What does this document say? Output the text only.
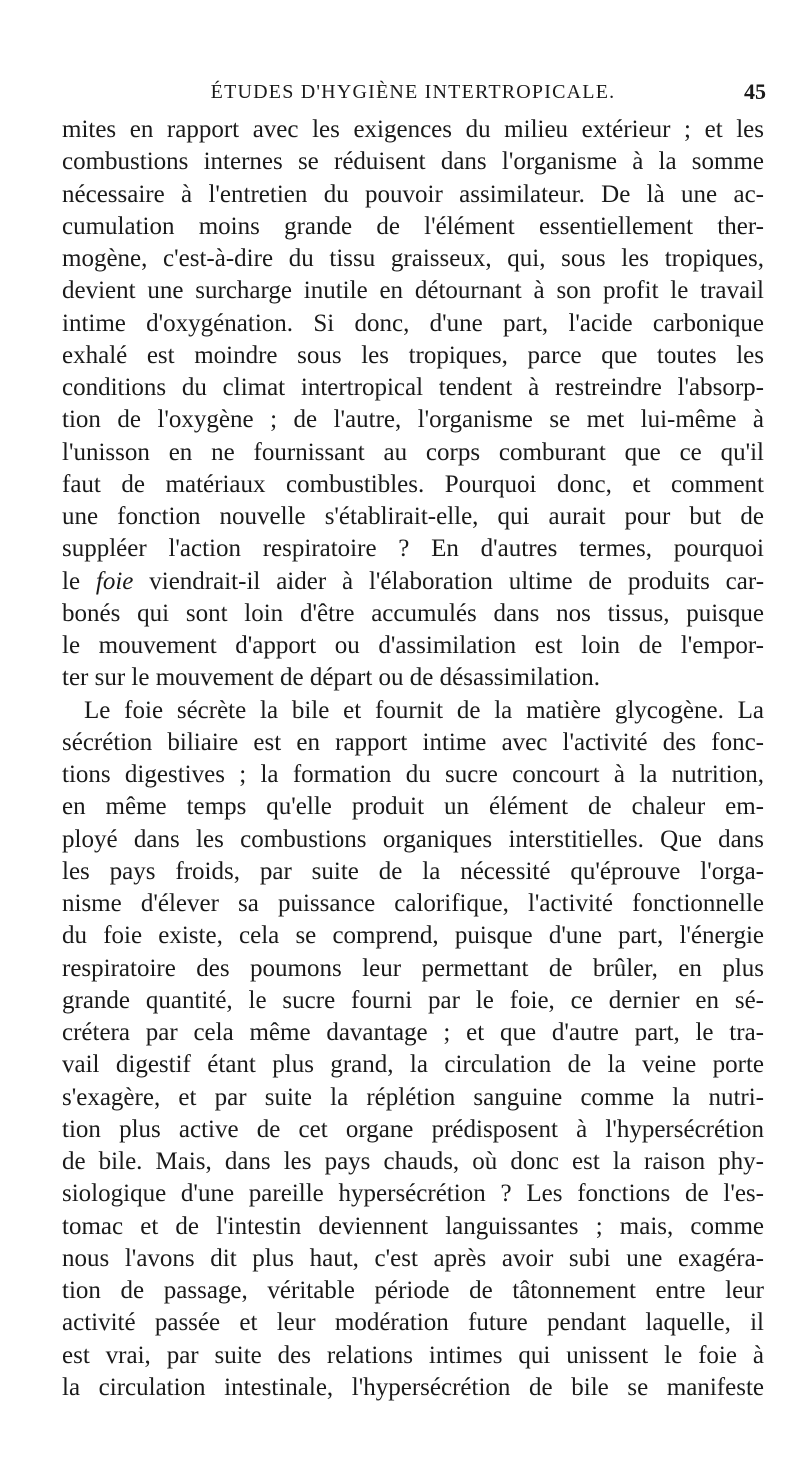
ÉTUDES D'HYGIÈNE INTERTROPICALE.	45
mites en rapport avec les exigences du milieu extérieur ; et les
combustions internes se réduisent dans l'organisme à la somme
nécessaire à l'entretien du pouvoir assimilateur. De là une ac-
cumulation moins grande de l'élément essentiellement ther-
mogène, c'est-à-dire du tissu graisseux, qui, sous les tropiques,
devient une surcharge inutile en détournant à son profit le travail
intime d'oxygénation. Si donc, d'une part, l'acide carbonique
exhalé est moindre sous les tropiques, parce que toutes les
conditions du climat intertropical tendent à restreindre l'absorp-
tion de l'oxygène ; de l'autre, l'organisme se met lui-même à
l'unisson en ne fournissant au corps comburant que ce qu'il
faut de matériaux combustibles. Pourquoi donc, et comment
une fonction nouvelle s'établirait-elle, qui aurait pour but de
suppléer l'action respiratoire ? En d'autres termes, pourquoi
le foie viendrait-il aider à l'élaboration ultime de produits car-
bonés qui sont loin d'être accumulés dans nos tissus, puisque
le mouvement d'apport ou d'assimilation est loin de l'empor-
ter sur le mouvement de départ ou de désassimilation.
Le foie sécrète la bile et fournit de la matière glycogène. La
sécrétion biliaire est en rapport intime avec l'activité des fonc-
tions digestives ; la formation du sucre concourt à la nutrition,
en même temps qu'elle produit un élément de chaleur em-
ployé dans les combustions organiques interstitielles. Que dans
les pays froids, par suite de la nécessité qu'éprouve l'orga-
nisme d'élever sa puissance calorifique, l'activité fonctionnelle
du foie existe, cela se comprend, puisque d'une part, l'énergie
respiratoire des poumons leur permettant de brûler, en plus
grande quantité, le sucre fourni par le foie, ce dernier en sé-
crétera par cela même davantage ; et que d'autre part, le tra-
vail digestif étant plus grand, la circulation de la veine porte
s'exagère, et par suite la réplétion sanguine comme la nutri-
tion plus active de cet organe prédisposent à l'hypersécrétion
de bile. Mais, dans les pays chauds, où donc est la raison phy-
siologique d'une pareille hypersécrétion ? Les fonctions de l'es-
tomac et de l'intestin deviennent languissantes ; mais, comme
nous l'avons dit plus haut, c'est après avoir subi une exagéra-
tion de passage, véritable période de tâtonnement entre leur
activité passée et leur modération future pendant laquelle, il
est vrai, par suite des relations intimes qui unissent le foie à
la circulation intestinale, l'hypersécrétion de bile se manifeste
